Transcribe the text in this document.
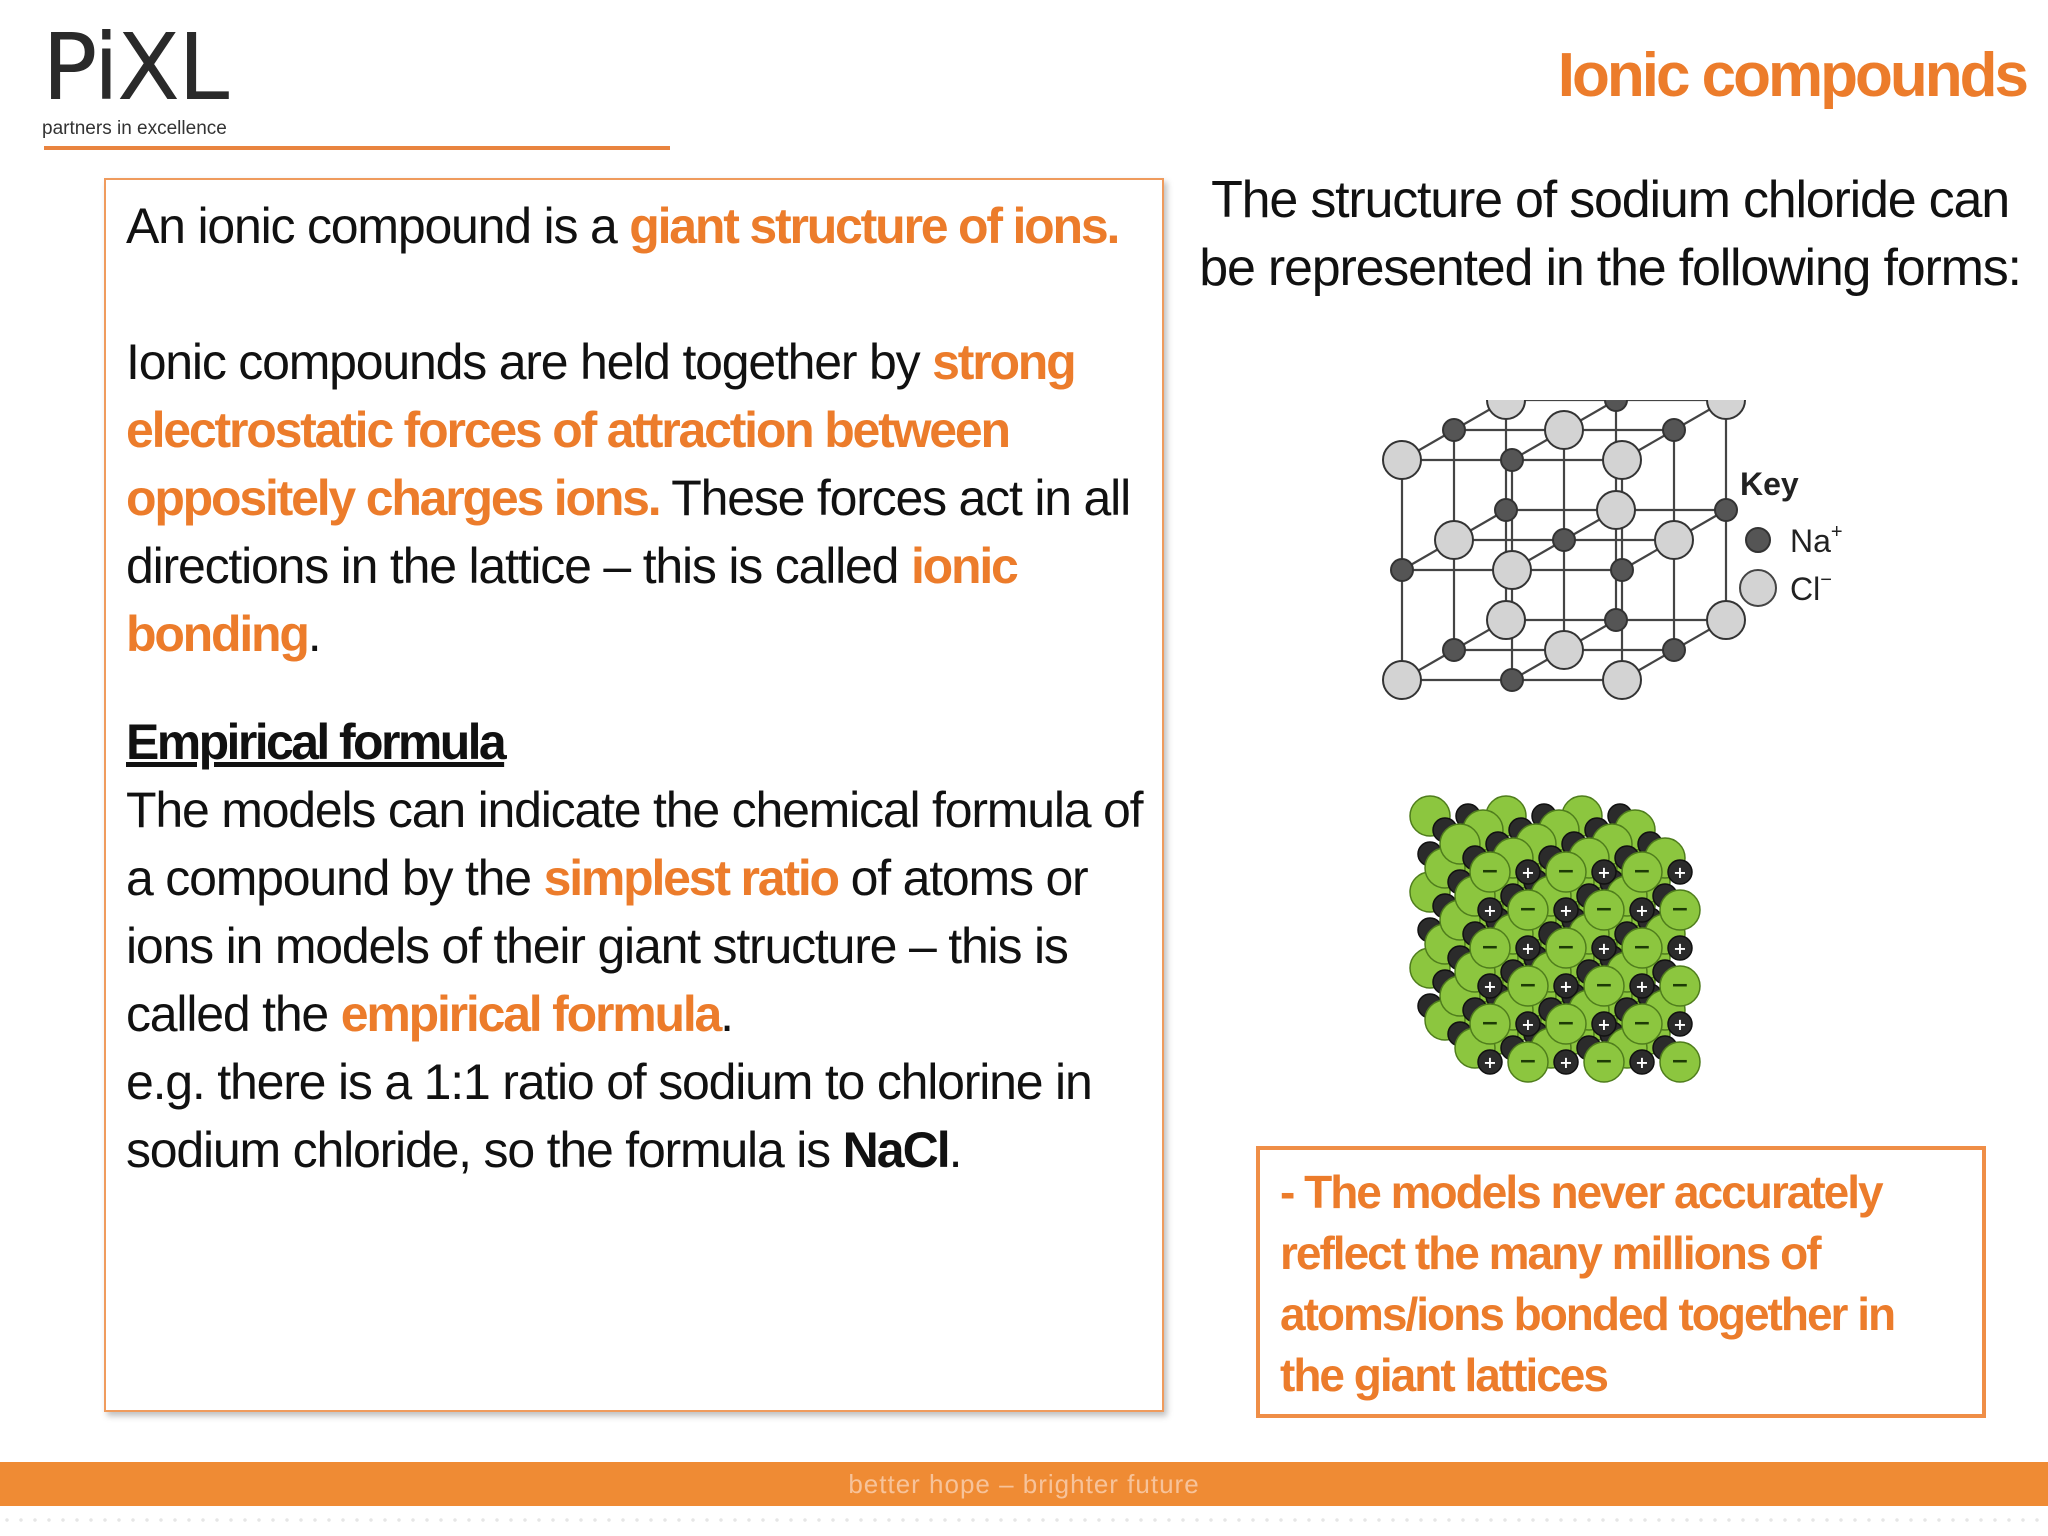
PiXL
partners in excellence
Ionic compounds

An ionic compound is a giant structure of ions.

Ionic compounds are held together by strong electrostatic forces of attraction between oppositely charges ions. These forces act in all directions in the lattice – this is called ionic bonding.

Empirical formula

The models can indicate the chemical formula of a compound by the simplest ratio of atoms or ions in models of their giant structure – this is called the empirical formula.

e.g. there is a 1:1 ratio of sodium to chlorine in sodium chloride, so the formula is NaCl.

The structure of sodium chloride can be represented in the following forms:
Key
Na+
Cl−
− + − + − +
+ − + − + −
− + − + − +
+ − + − + −
− + − + − +
+ − + − + −
- The models never accurately reflect the many millions of atoms/ions bonded together in the giant lattices
better hope – brighter future
